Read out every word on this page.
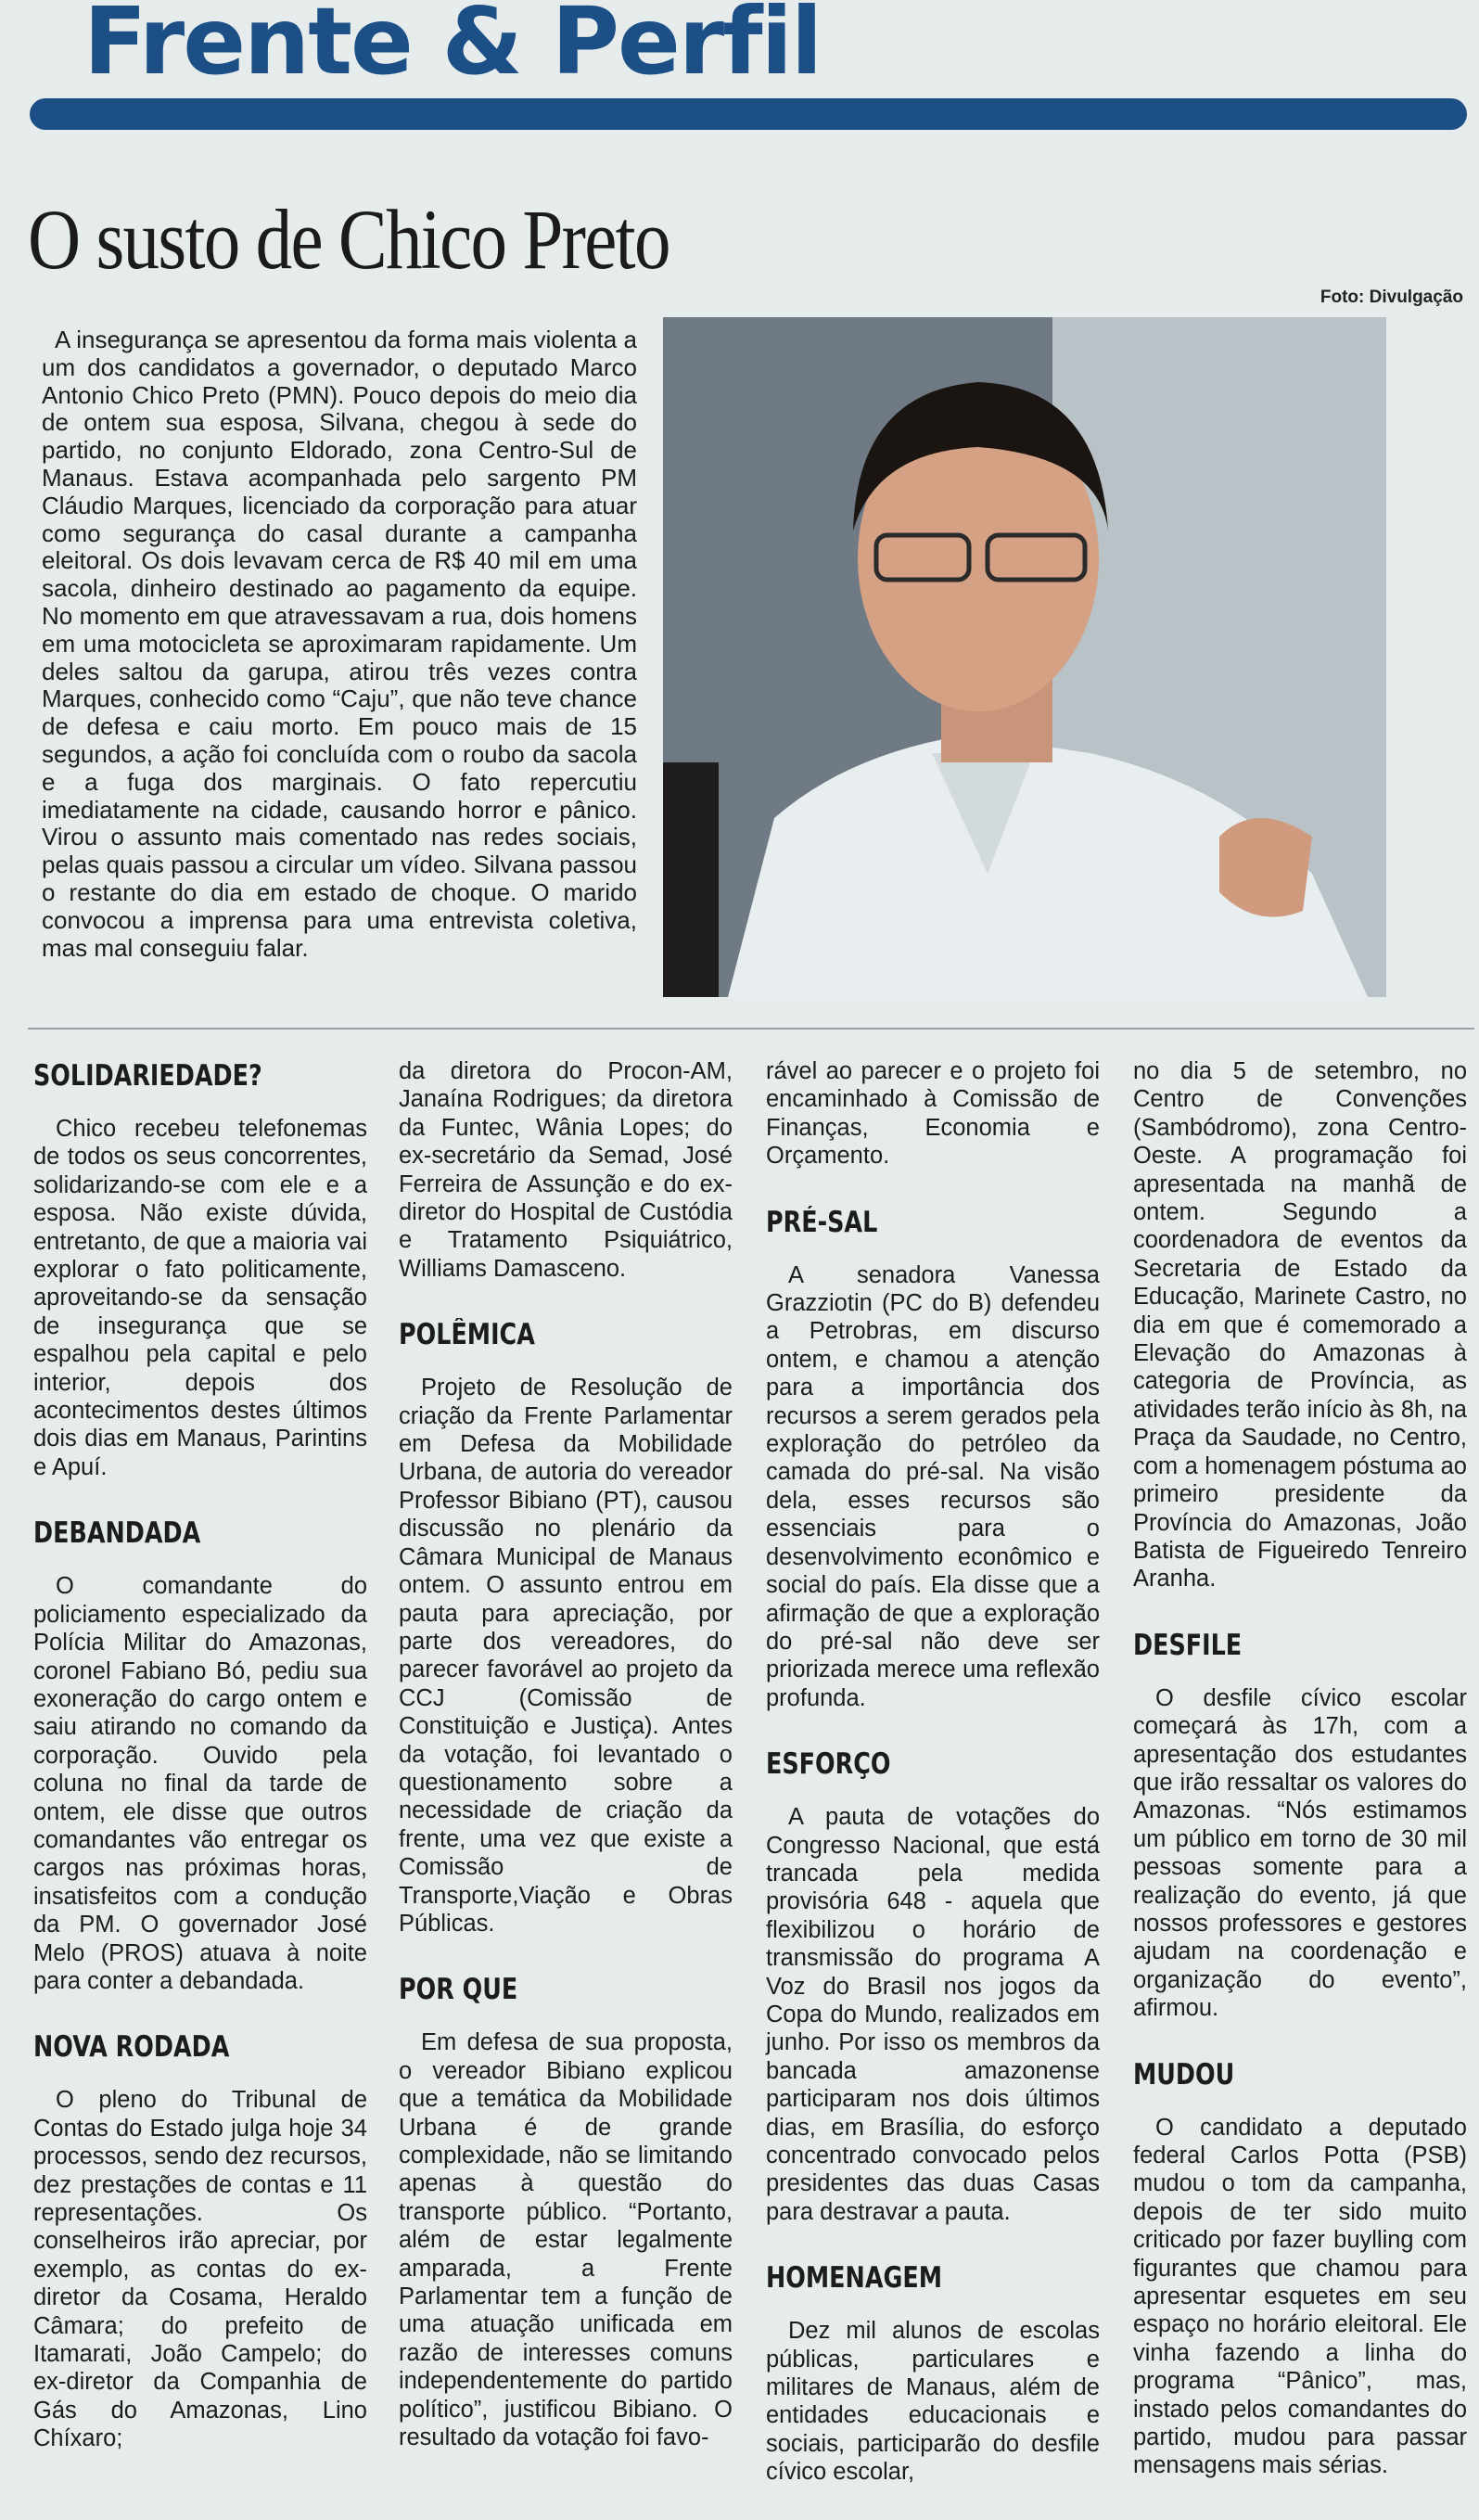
Frente & Perfil
O susto de Chico Preto
Foto: Divulgação

A insegurança se apresentou da forma mais violenta a um dos candidatos a governador, o deputado Marco Antonio Chico Preto (PMN). Pouco depois do meio dia de ontem sua esposa, Silvana, chegou à sede do partido, no conjunto Eldorado, zona Centro-Sul de Manaus. Estava acompanhada pelo sargento PM Cláudio Marques, licenciado da corporação para atuar como segurança do casal durante a campanha eleitoral. Os dois levavam cerca de R$ 40 mil em uma sacola, dinheiro destinado ao pagamento da equipe. No momento em que atravessavam a rua, dois homens em uma motocicleta se aproximaram rapidamente. Um deles saltou da garupa, atirou três vezes contra Marques, conhecido como “Caju”, que não teve chance de defesa e caiu morto. Em pouco mais de 15 segundos, a ação foi concluída com o roubo da sacola e a fuga dos marginais. O fato repercutiu imediatamente na cidade, causando horror e pânico. Virou o assunto mais comentado nas redes sociais, pelas quais passou a circular um vídeo. Silvana passou o restante do dia em estado de choque. O marido convocou a imprensa para uma entrevista coletiva, mas mal conseguiu falar.

SOLIDARIEDADE?

Chico recebeu telefonemas de todos os seus concorrentes, solidarizando-se com ele e a esposa. Não existe dúvida, entretanto, de que a maioria vai explorar o fato politicamente, aproveitando-se da sensação de insegurança que se espalhou pela capital e pelo interior, depois dos acontecimentos destes últimos dois dias em Manaus, Parintins e Apuí.

DEBANDADA

O comandante do policiamento especializado da Polícia Militar do Amazonas, coronel Fabiano Bó, pediu sua exoneração do cargo ontem e saiu atirando no comando da corporação. Ouvido pela coluna no final da tarde de ontem, ele disse que outros comandantes vão entregar os cargos nas próximas horas, insatisfeitos com a condução da PM. O governador José Melo (PROS) atuava à noite para conter a debandada.

NOVA RODADA

O pleno do Tribunal de Contas do Estado julga hoje 34 processos, sendo dez recursos, dez prestações de contas e 11 representações. Os conselheiros irão apreciar, por exemplo, as contas do ex-diretor da Cosama, Heraldo Câmara; do prefeito de Itamarati, João Campelo; do ex-diretor da Companhia de Gás do Amazonas, Lino Chíxaro;

da diretora do Procon-AM, Janaína Rodrigues; da diretora da Funtec, Wânia Lopes; do ex-secretário da Semad, José Ferreira de Assunção e do ex-diretor do Hospital de Custódia e Tratamento Psiquiátrico, Williams Damasceno.

POLÊMICA

Projeto de Resolução de criação da Frente Parlamentar em Defesa da Mobilidade Urbana, de autoria do vereador Professor Bibiano (PT), causou discussão no plenário da Câmara Municipal de Manaus ontem. O assunto entrou em pauta para apreciação, por parte dos vereadores, do parecer favorável ao projeto da CCJ (Comissão de Constituição e Justiça). Antes da votação, foi levantado o questionamento sobre a necessidade de criação da frente, uma vez que existe a Comissão de Transporte,Viação e Obras Públicas.

POR QUE

Em defesa de sua proposta, o vereador Bibiano explicou que a temática da Mobilidade Urbana é de grande complexidade, não se limitando apenas à questão do transporte público. “Portanto, além de estar legalmente amparada, a Frente Parlamentar tem a função de uma atuação unificada em razão de interesses comuns independentemente do partido político”, justificou Bibiano. O resultado da votação foi favo-

rável ao parecer e o projeto foi encaminhado à Comissão de Finanças, Economia e Orçamento.

PRÉ-SAL

A senadora Vanessa Grazziotin (PC do B) defendeu a Petrobras, em discurso ontem, e chamou a atenção para a importância dos recursos a serem gerados pela exploração do petróleo da camada do pré-sal. Na visão dela, esses recursos são essenciais para o desenvolvimento econômico e social do país. Ela disse que a afirmação de que a exploração do pré-sal não deve ser priorizada merece uma reflexão profunda.

ESFORÇO

A pauta de votações do Congresso Nacional, que está trancada pela medida provisória 648 - aquela que flexibilizou o horário de transmissão do programa A Voz do Brasil nos jogos da Copa do Mundo, realizados em junho. Por isso os membros da bancada amazonense participaram nos dois últimos dias, em Brasília, do esforço concentrado convocado pelos presidentes das duas Casas para destravar a pauta.

HOMENAGEM

Dez mil alunos de escolas públicas, particulares e militares de Manaus, além de entidades educacionais e sociais, participarão do desfile cívico escolar,

no dia 5 de setembro, no Centro de Convenções (Sambódromo), zona Centro-Oeste. A programação foi apresentada na manhã de ontem. Segundo a coordenadora de eventos da Secretaria de Estado da Educação, Marinete Castro, no dia em que é comemorado a Elevação do Amazonas à categoria de Província, as atividades terão início às 8h, na Praça da Saudade, no Centro, com a homenagem póstuma ao primeiro presidente da Província do Amazonas, João Batista de Figueiredo Tenreiro Aranha.

DESFILE

O desfile cívico escolar começará às 17h, com a apresentação dos estudantes que irão ressaltar os valores do Amazonas. “Nós estimamos um público em torno de 30 mil pessoas somente para a realização do evento, já que nossos professores e gestores ajudam na coordenação e organização do evento”, afirmou.

MUDOU

O candidato a deputado federal Carlos Potta (PSB) mudou o tom da campanha, depois de ter sido muito criticado por fazer buylling com figurantes que chamou para apresentar esquetes em seu espaço no horário eleitoral. Ele vinha fazendo a linha do programa “Pânico”, mas, instado pelos comandantes do partido, mudou para passar mensagens mais sérias.
